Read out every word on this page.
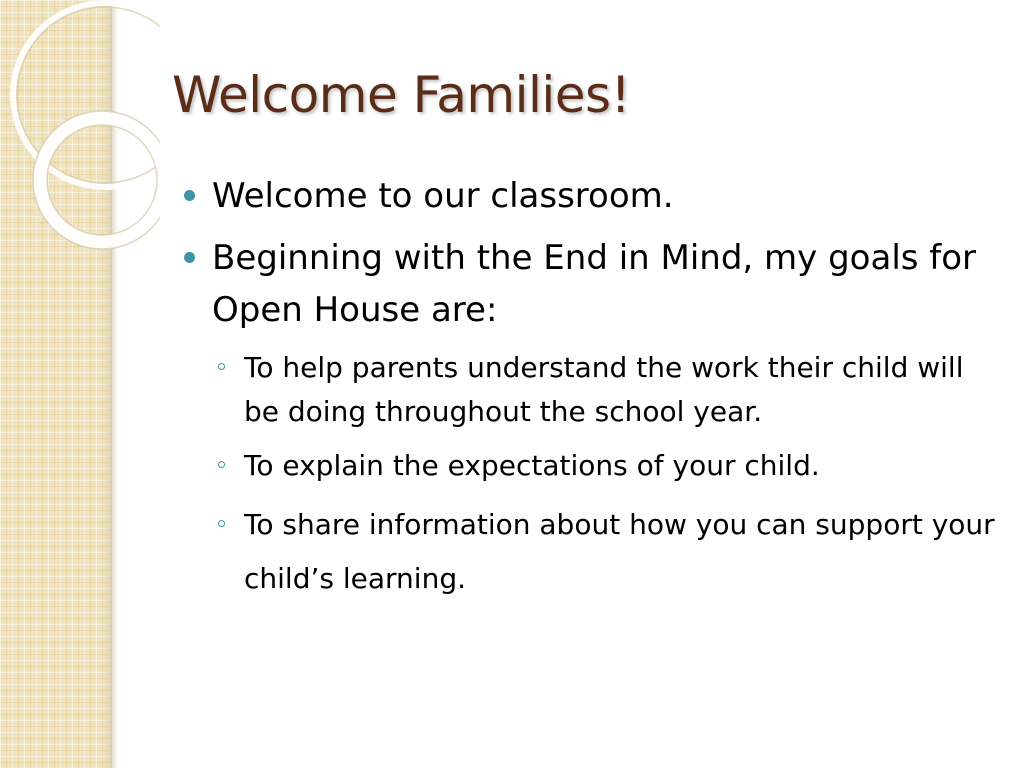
Welcome Families!
Welcome to our classroom.
Beginning with the End in Mind, my goals for Open House are:
To help parents understand the work their child will be doing throughout the school year.
To explain the expectations of your child.
To share information about how you can support your child’s learning.
